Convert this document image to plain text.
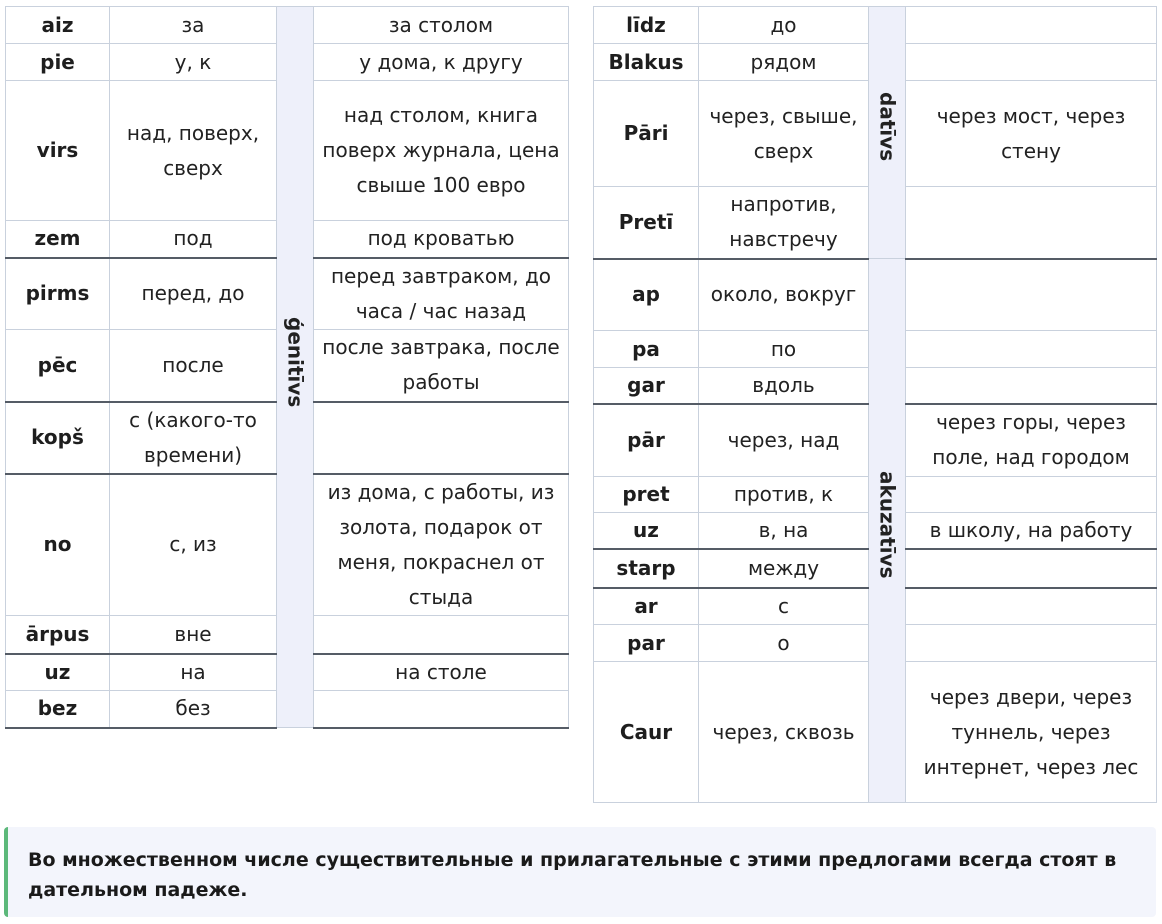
aiz	за	ģenitīvs	за столом
pie	у, к		у дома, к другу
virs	над, поверх, сверх		над столом, книга поверх журнала, цена свыше 100 евро
zem	под		под кроватью
pirms	перед, до		перед завтраком, до часа / час назад
pēc	после		после завтрака, после работы
kopš	с (какого-то времени)		
no	с, из		из дома, с работы, из золота, подарок от меня, покраснел от стыда
ārpus	вне		
uz	на		на столе
bez	без		
līdz	до	datīvs	
Blakus	рядом		
Pāri	через, свыше, сверх		через мост, через стену
Pretī	напротив, навстречу		
ap	около, вокруг	akuzatīvs	
pa	по		
gar	вдоль		
pār	через, над		через горы, через поле, над городом
pret	против, к		
uz	в, на		в школу, на работу
starp	между		
ar	с		
par	о		
Caur	через, сквозь		через двери, через туннель, через интернет, через лес
Во множественном числе существительные и прилагательные с этими предлогами всегда стоят в дательном падеже.
